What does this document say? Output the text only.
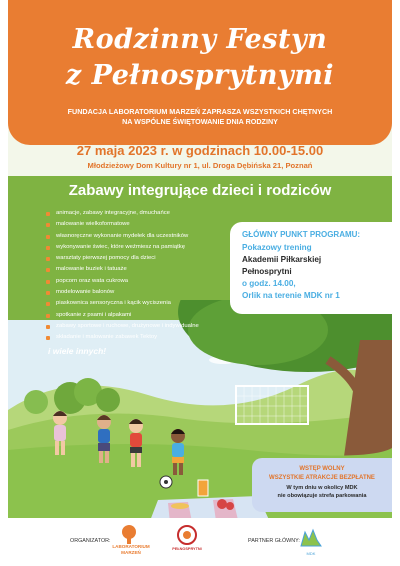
Rodzinny Festyn
z Pełnosprytnymi
FUNDACJA LABORATORIUM MARZEŃ ZAPRASZA WSZYSTKICH CHĘTNYCH
NA WSPÓLNE ŚWIĘTOWANIE DNIA RODZINY
27 maja 2023 r. w godzinach 10.00-15.00
Młodzieżowy Dom Kultury nr 1, ul. Droga Dębińska 21, Poznań
Zabawy integrujące dzieci i rodziców
animacje, zabawy integracyjne, dmuchańce
malowanie wielkoformatowe
własnoręczne wykonanie mydełek dla uczestników
wykonywanie świec, które weźmiesz na pamiątkę
warsztaty pierwszej pomocy dla dzieci
malowanie buziek i tatuaże
popcorn oraz wata cukrowa
modelowanie balonów
piaskownica sensoryczna i kącik wyciszenia
spotkanie z psami i alpakami
zabawy sportowe i ruchowe, drużynowe i indywidualne
składanie i malowanie zabawek Tektoy
i wiele innych!
GŁÓWNY PUNKT PROGRAMU:
Pokazowy trening
Akademii Piłkarskiej
Pełnosprytni
o godz. 14.00,
Orlik na terenie MDK nr 1
WSTĘP WOLNY
WSZYSTKIE ATRAKCJE BEZPŁATNE
W tym dniu w okolicy MDK
nie obowiązuje strefa parkowania
ORGANIZATOR:
LABORATORIUM MARZEŃ
PEŁNOSPRYTNI
PARTNER GŁÓWNY:
MDK
